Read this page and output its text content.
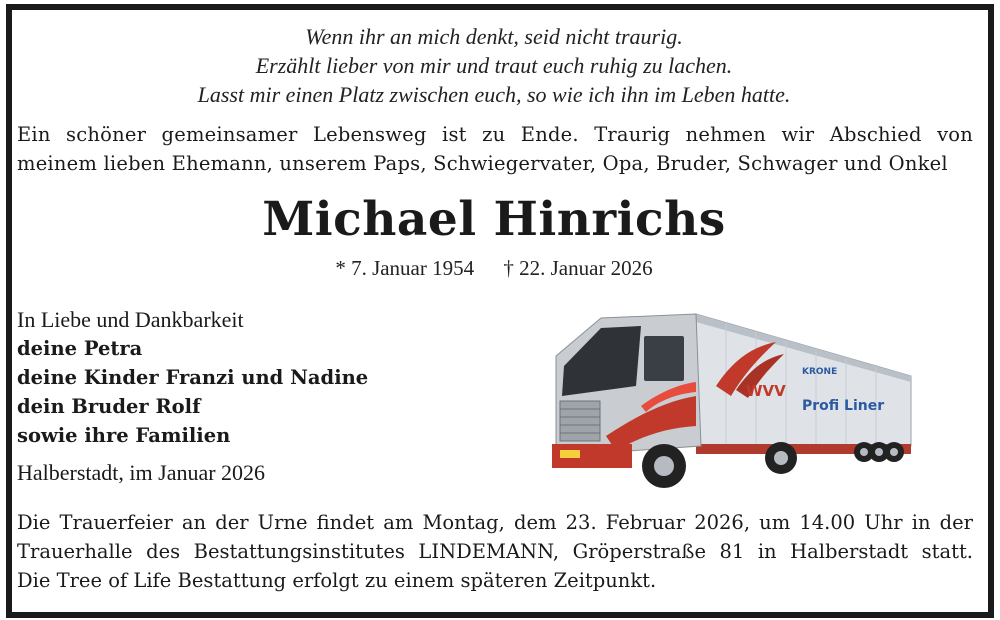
Wenn ihr an mich denkt, seid nicht traurig.
Erzählt lieber von mir und traut euch ruhig zu lachen.
Lasst mir einen Platz zwischen euch, so wie ich ihn im Leben hatte.
Ein schöner gemeinsamer Lebensweg ist zu Ende. Traurig nehmen wir Abschied von
meinem lieben Ehemann, unserem Paps, Schwiegervater, Opa, Bruder, Schwager und Onkel
Michael Hinrichs
* 7. Januar 1954 † 22. Januar 2026
In Liebe und Dankbarkeit
deine Petra
deine Kinder Franzi und Nadine
dein Bruder Rolf
sowie ihre Familien
Halberstadt, im Januar 2026
Die Trauerfeier an der Urne findet am Montag, dem 23. Februar 2026, um 14.00 Uhr in der
Trauerhalle des Bestattungsinstitutes LINDEMANN, Gröperstraße 81 in Halberstadt statt.
Die Tree of Life Bestattung erfolgt zu einem späteren Zeitpunkt.
WVV
KRONE
Profi Liner
